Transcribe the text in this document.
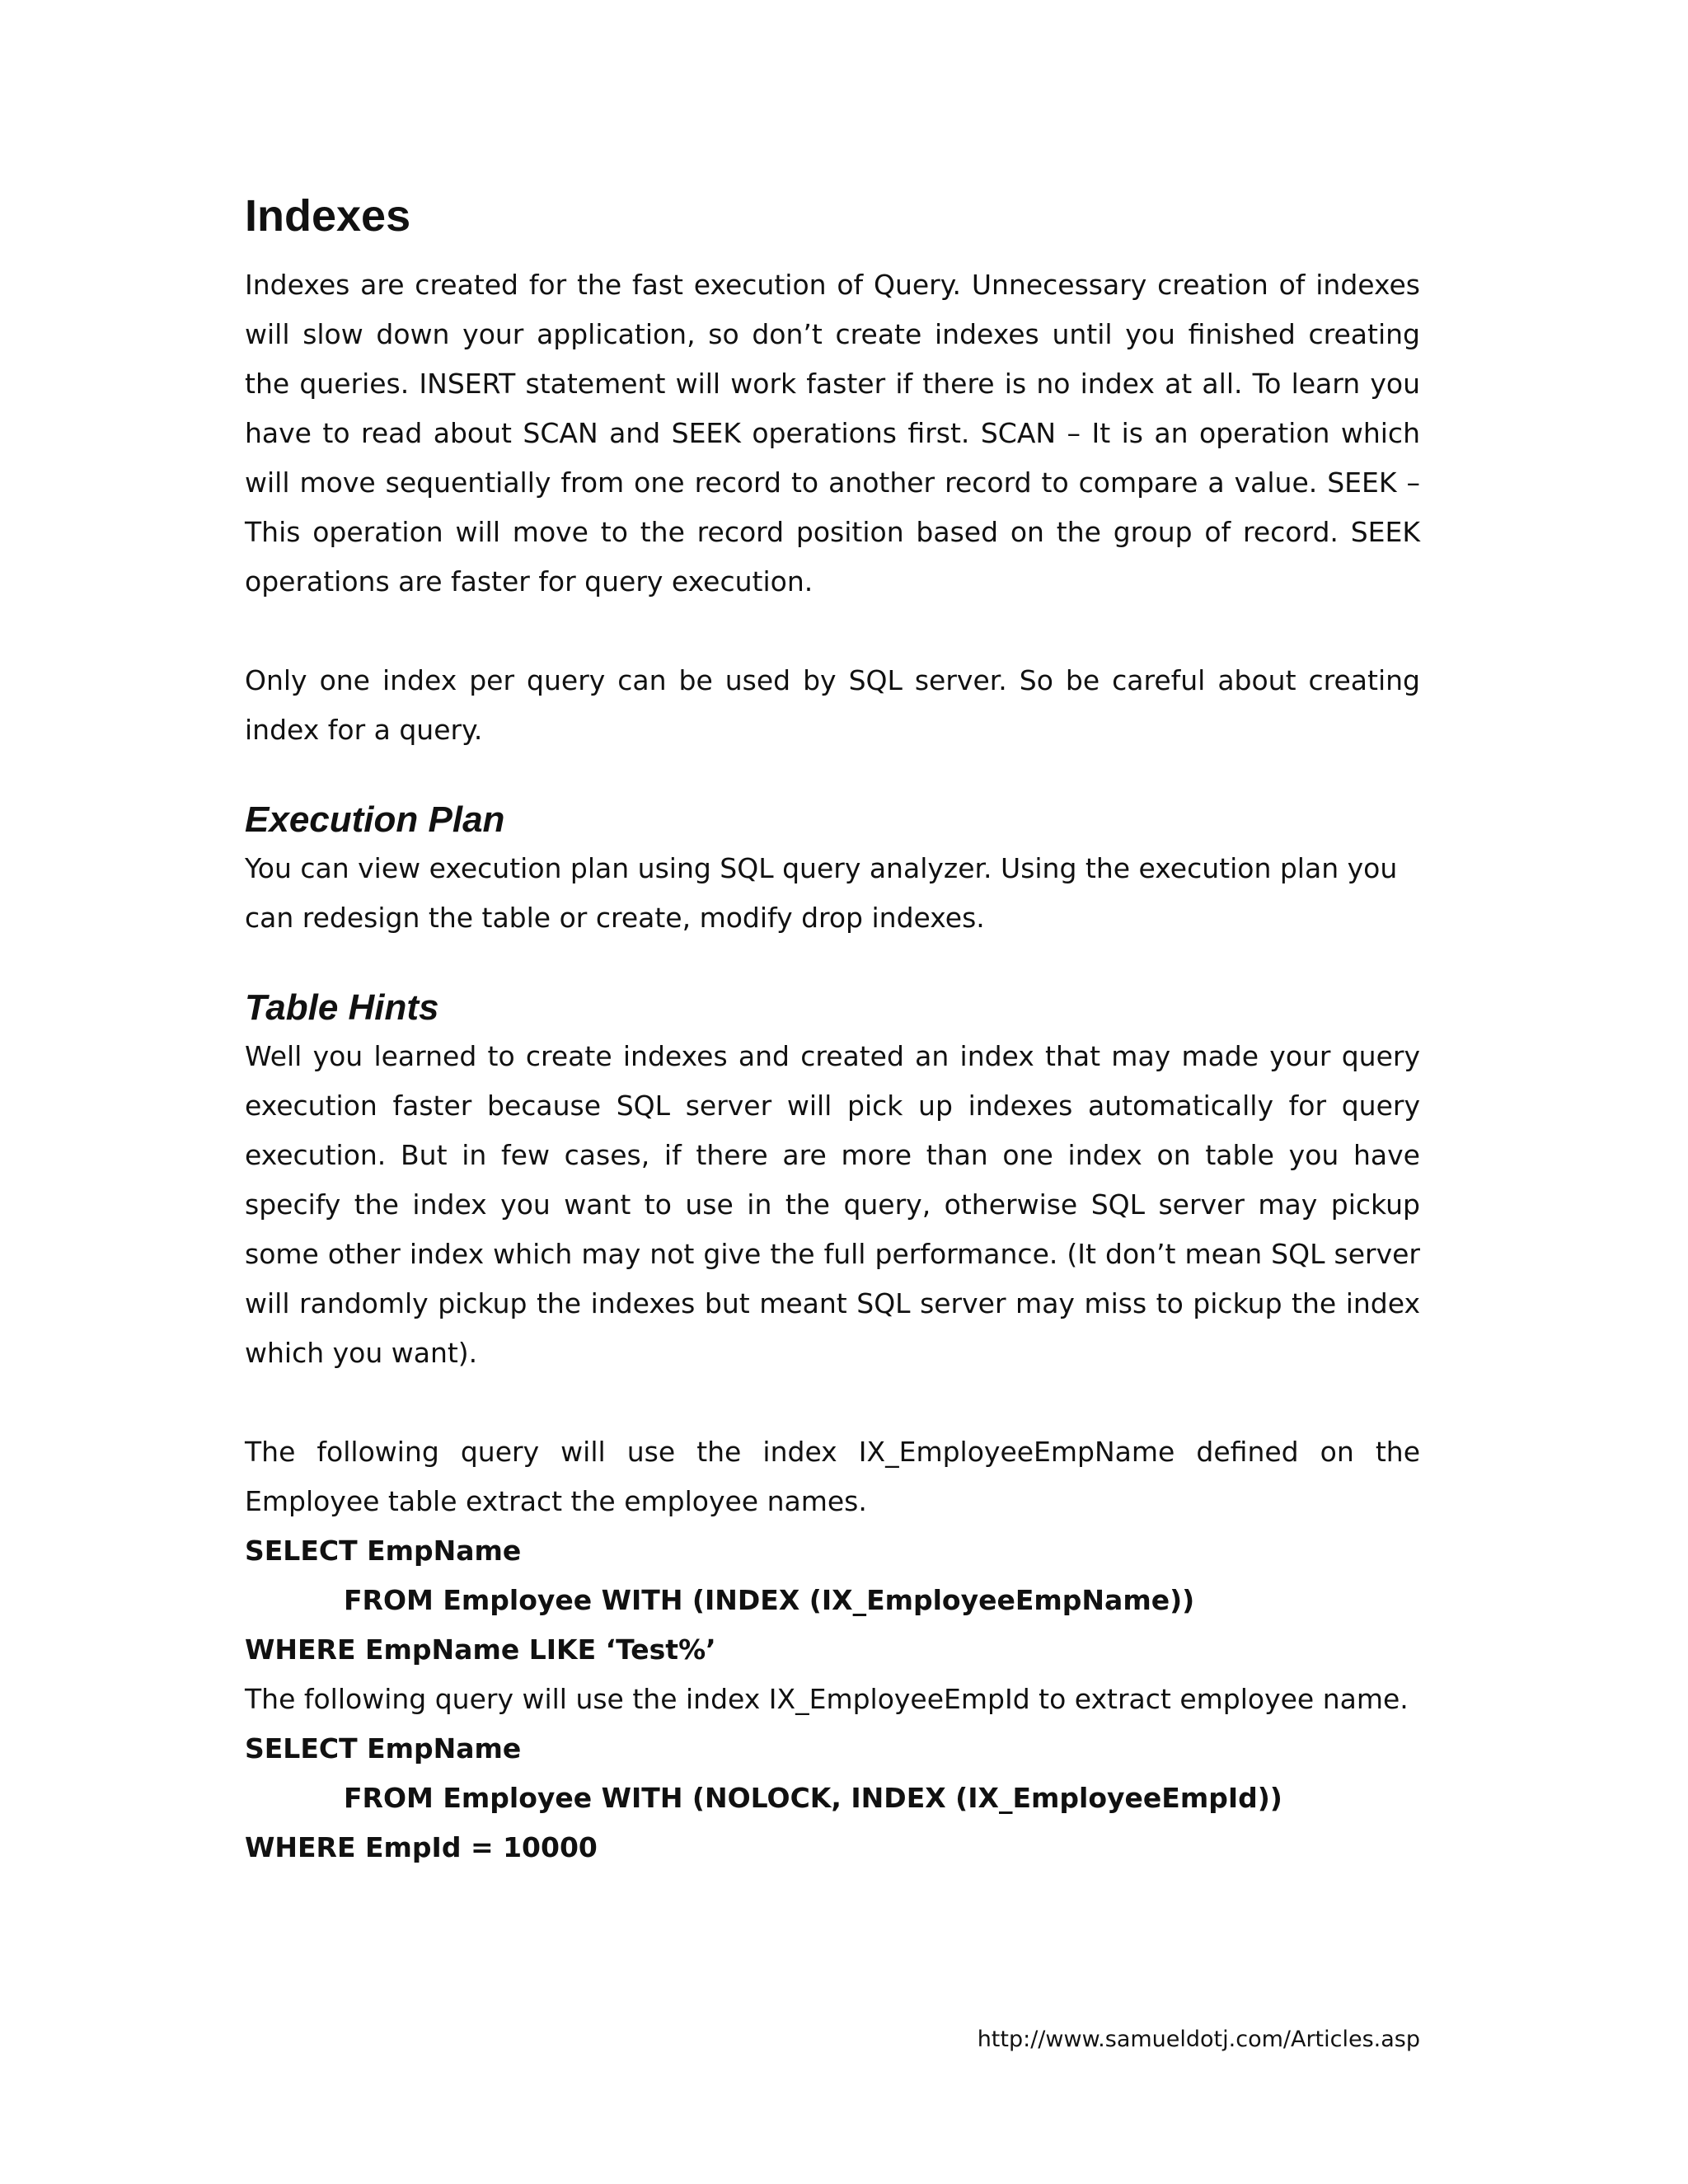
Indexes

Indexes are created for the fast execution of Query. Unnecessary creation of indexes will slow down your application, so don’t create indexes until you finished creating the queries. INSERT statement will work faster if there is no index at all. To learn you have to read about SCAN and SEEK operations first. SCAN – It is an operation which will move sequentially from one record to another record to compare a value. SEEK – This operation will move to the record position based on the group of record. SEEK operations are faster for query execution.

Only one index per query can be used by SQL server. So be careful about creating index for a query.

Execution Plan

You can view execution plan using SQL query analyzer. Using the execution plan you can redesign the table or create, modify drop indexes.

Table Hints

Well you learned to create indexes and created an index that may made your query execution faster because SQL server will pick up indexes automatically for query execution. But in few cases, if there are more than one index on table you have specify the index you want to use in the query, otherwise SQL server may pickup some other index which may not give the full performance. (It don’t mean SQL server will randomly pickup the indexes but meant SQL server may miss to pickup the index which you want).

The following query will use the index IX_EmployeeEmpName defined on the Employee table extract the employee names.

SELECT EmpName
FROM Employee WITH (INDEX (IX_EmployeeEmpName))
WHERE EmpName LIKE ‘Test%’

The following query will use the index IX_EmployeeEmpId to extract employee name.

SELECT EmpName
FROM Employee WITH (NOLOCK, INDEX (IX_EmployeeEmpId))
WHERE EmpId = 10000
http://www.samueldotj.com/Articles.asp
